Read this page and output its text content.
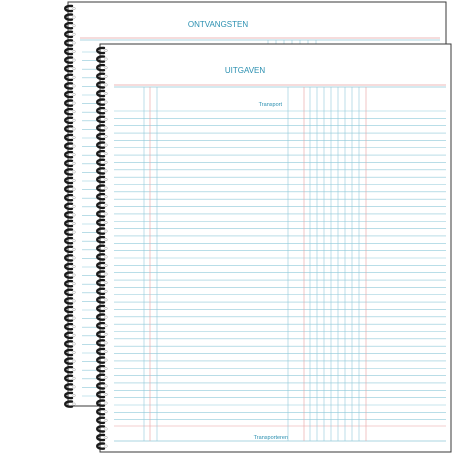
ONTVANGSTEN
UITGAVEN
Transport
Transporteren
